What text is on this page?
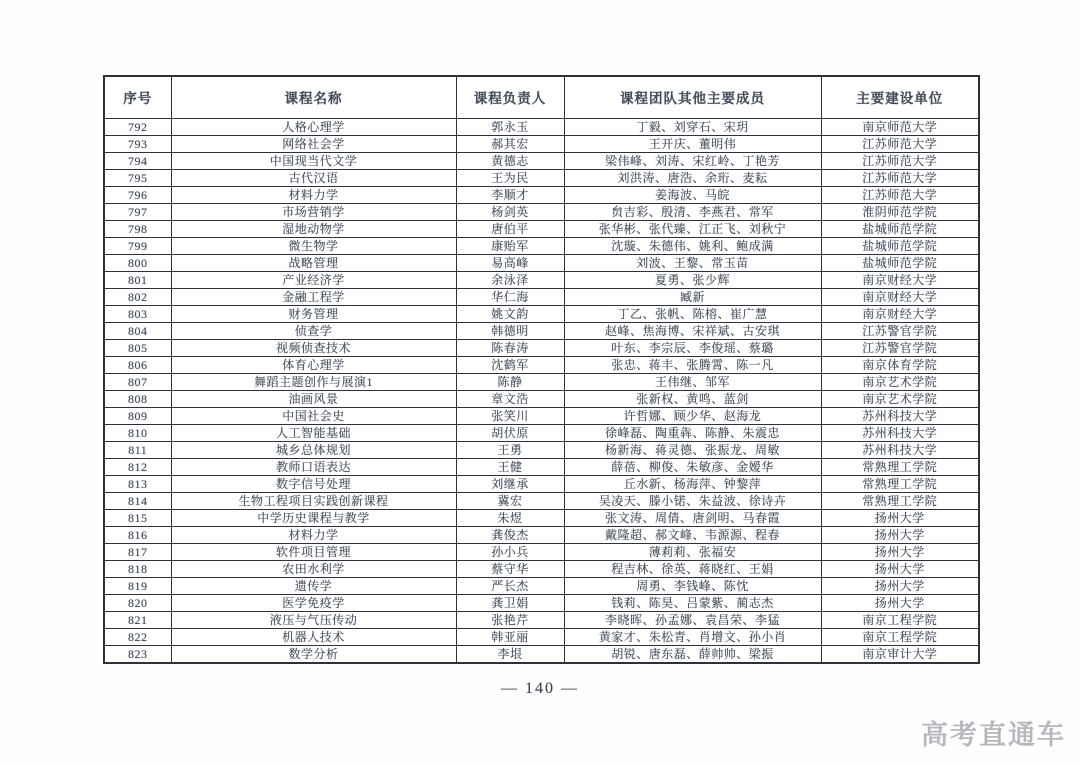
序号	课程名称	课程负责人	课程团队其他主要成员	主要建设单位
792	人格心理学	郭永玉	丁毅、刘穿石、宋玥	南京师范大学
793	网络社会学	郝其宏	王开庆、董明伟	江苏师范大学
794	中国现当代文学	黄德志	梁伟峰、刘涛、宋红岭、丁艳芳	江苏师范大学
795	古代汉语	王为民	刘洪涛、唐浩、余珩、麦耘	江苏师范大学
796	材料力学	李顺才	姜海波、马皖	江苏师范大学
797	市场营销学	杨剑英	贠吉彩、殷清、李燕君、常军	淮阴师范学院
798	湿地动物学	唐伯平	张华彬、张代臻、江正飞、刘秋宁	盐城师范学院
799	微生物学	康贻军	沈璇、朱德伟、姚利、鲍成满	盐城师范学院
800	战略管理	易高峰	刘波、王黎、常玉苗	盐城师范学院
801	产业经济学	余泳泽	夏勇、张少辉	南京财经大学
802	金融工程学	华仁海	臧新	南京财经大学
803	财务管理	姚文韵	丁乙、张帆、陈榕、崔广慧	南京财经大学
804	侦查学	韩德明	赵峰、焦海博、宋祥斌、古安琪	江苏警官学院
805	视频侦查技术	陈春涛	叶东、李宗辰、李俊瑶、蔡璐	江苏警官学院
806	体育心理学	沈鹤军	张忠、蒋丰、张腾霄、陈一凡	南京体育学院
807	舞蹈主题创作与展演1	陈静	王伟继、邹军	南京艺术学院
808	油画风景	章文浩	张新权、黄鸣、蓝剑	南京艺术学院
809	中国社会史	张笑川	许哲娜、顾少华、赵海龙	苏州科技大学
810	人工智能基础	胡伏原	徐峰磊、陶重犇、陈静、朱震忠	苏州科技大学
811	城乡总体规划	王勇	杨新海、蒋灵德、张振龙、周敏	苏州科技大学
812	教师口语表达	王健	薛蓓、柳俊、朱敏彦、金嫒华	常熟理工学院
813	数字信号处理	刘继承	丘水新、杨海萍、钟黎萍	常熟理工学院
814	生物工程项目实践创新课程	冀宏	吴凌天、滕小锘、朱益波、徐诗卉	常熟理工学院
815	中学历史课程与教学	朱煜	张文涛、周倩、唐剑明、马春霞	扬州大学
816	材料力学	龚俊杰	戴隆超、郝文峰、韦源源、程春	扬州大学
817	软件项目管理	孙小兵	薄莉莉、张福安	扬州大学
818	农田水利学	蔡守华	程吉林、徐英、蒋晓红、王娟	扬州大学
819	遗传学	严长杰	周勇、李钱峰、陈忱	扬州大学
820	医学免疫学	龚卫娟	钱莉、陈昊、吕蒙紫、蔺志杰	扬州大学
821	液压与气压传动	张艳芹	李晓晖、孙孟娜、袁昌荣、李猛	南京工程学院
822	机器人技术	韩亚丽	黄家才、朱松青、肖增文、孙小肖	南京工程学院
823	数学分析	李垠	胡锐、唐东磊、薛帅帅、梁振	南京审计大学
— 140 —
高考直通车
